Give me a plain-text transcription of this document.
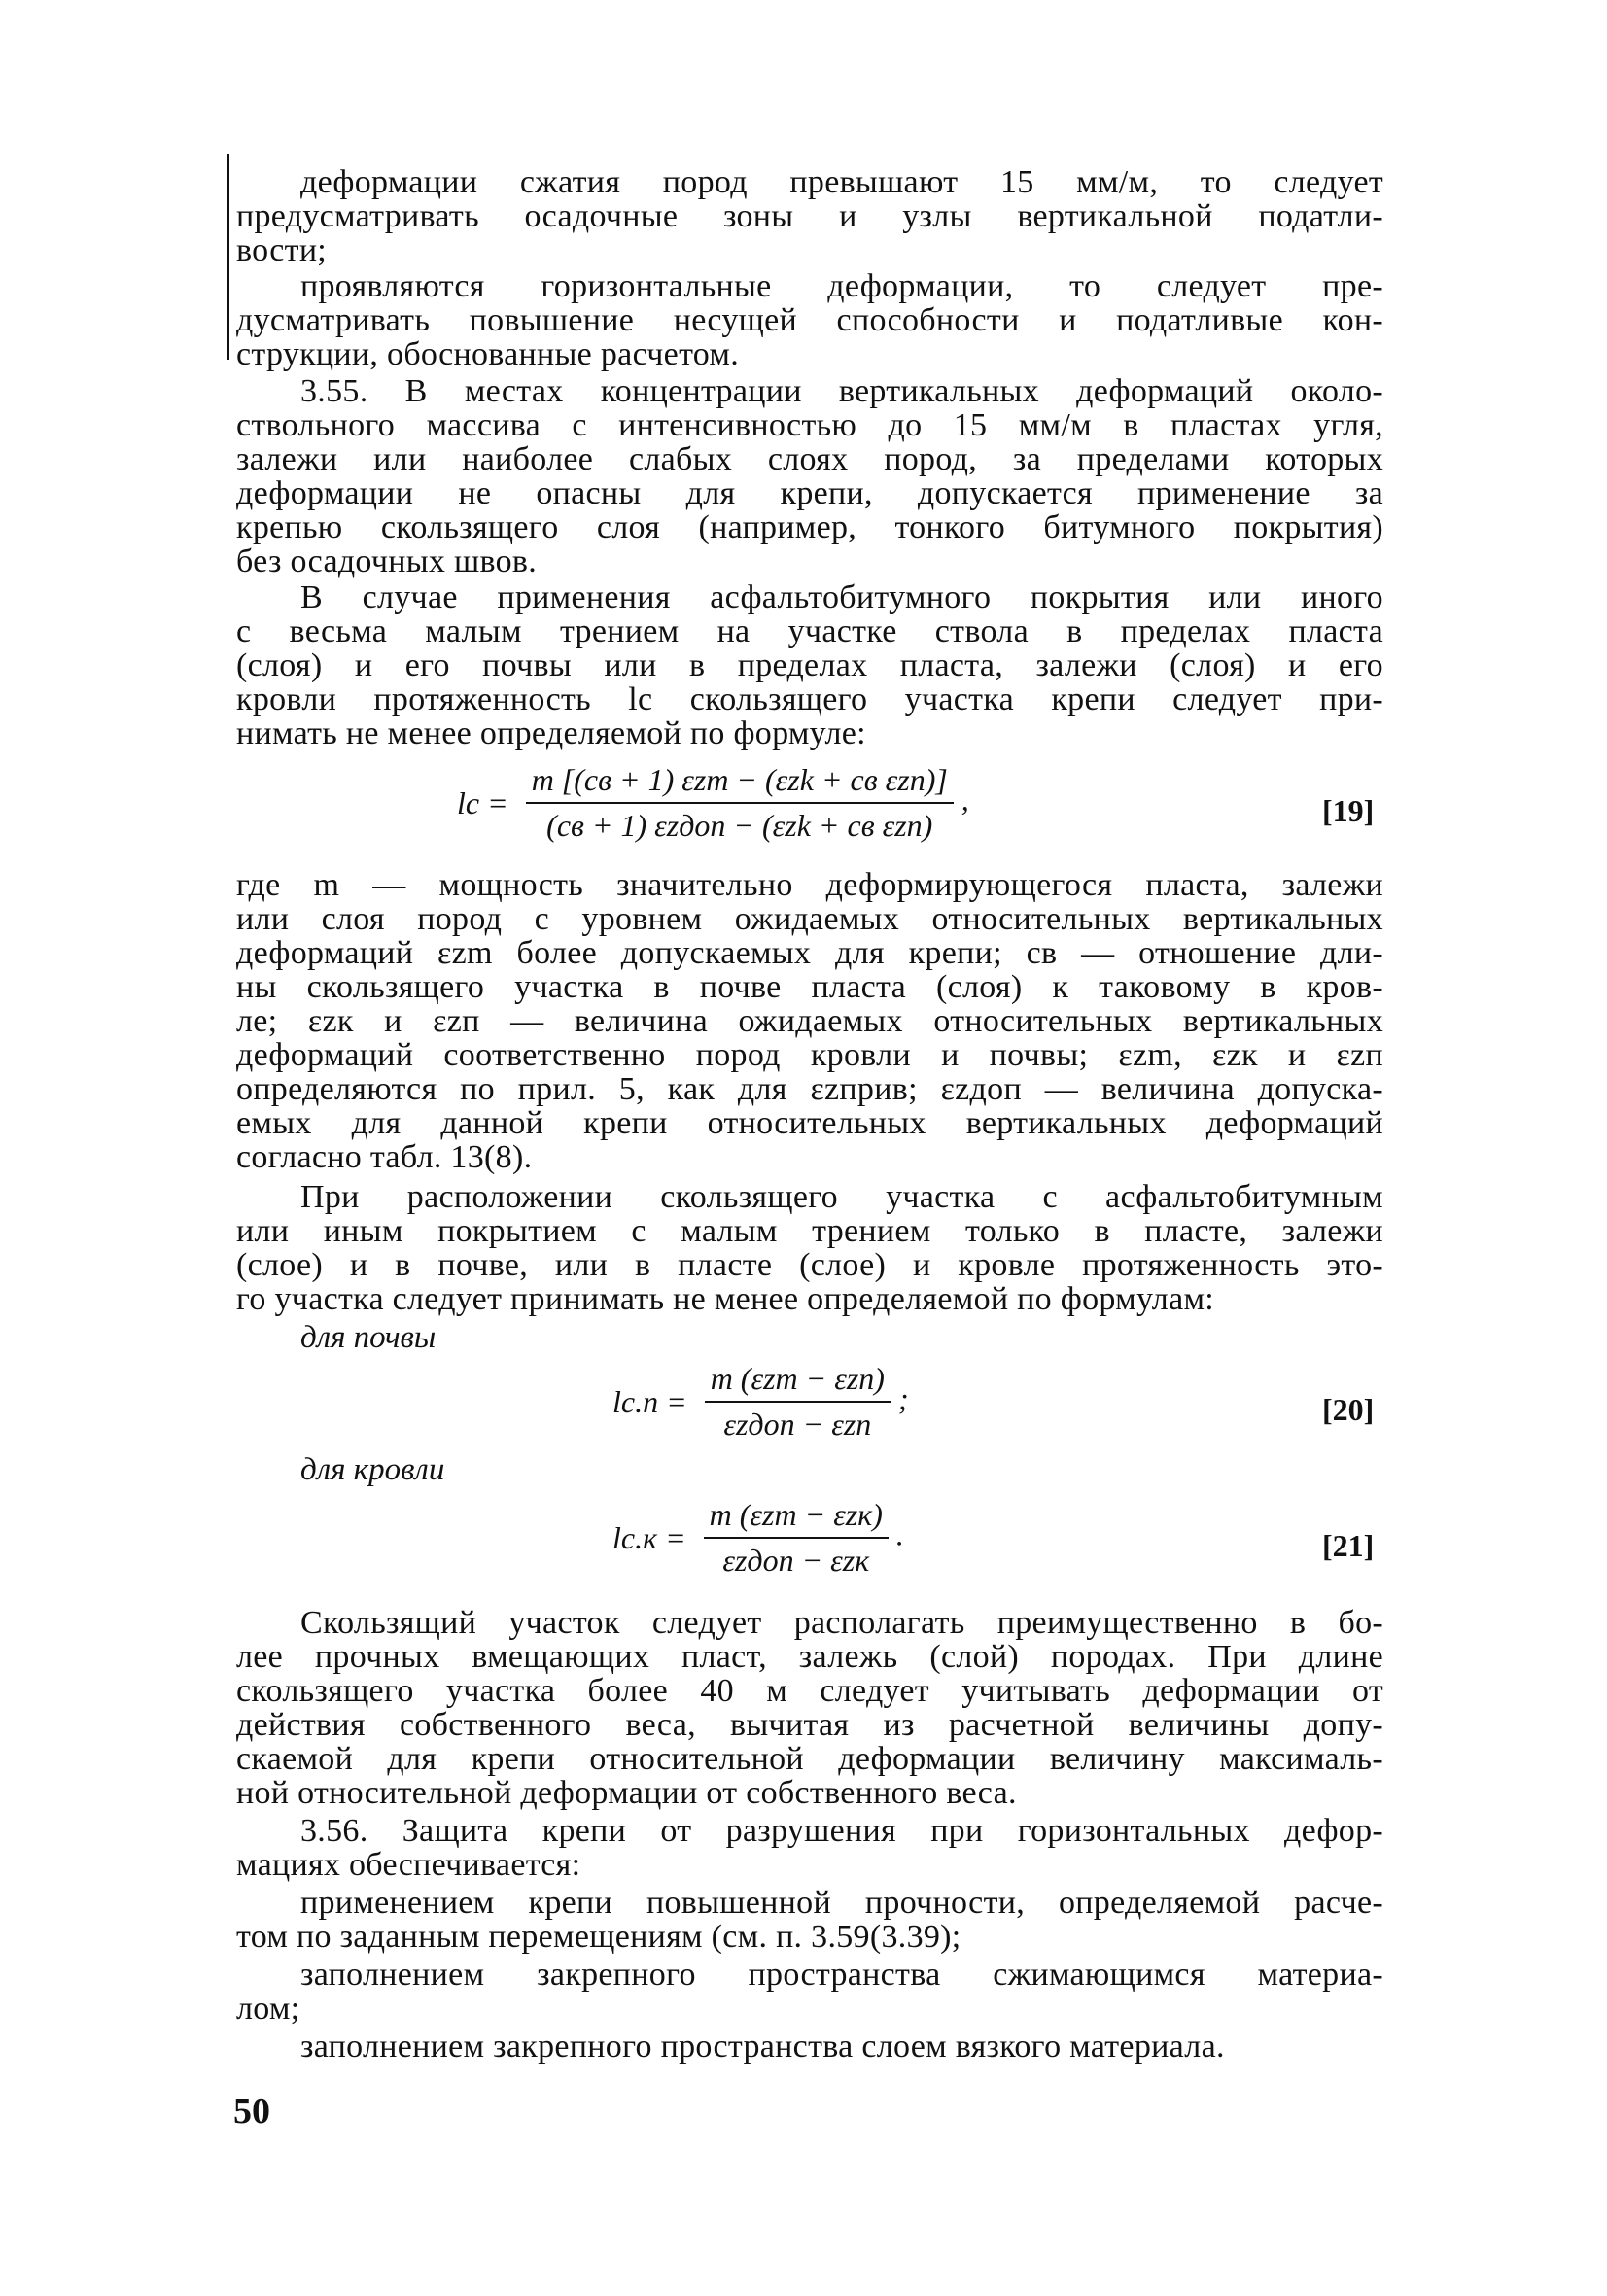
деформации сжатия пород превышают 15 мм/м, то следует
предусматривать осадочные зоны и узлы вертикальной податли-
вости;
проявляются горизонтальные деформации, то следует пре-
дусматривать повышение несущей способности и податливые кон-
струкции, обоснованные расчетом.
3.55. В местах концентрации вертикальных деформаций около-
ствольного массива с интенсивностью до 15 мм/м в пластах угля,
залежи или наиболее слабых слоях пород, за пределами которых
деформации не опасны для крепи, допускается применение за
крепью скользящего слоя (например, тонкого битумного покрытия)
без осадочных швов.
В случае применения асфальтобитумного покрытия или иного
с весьма малым трением на участке ствола в пределах пласта
(слоя) и его почвы или в пределах пласта, залежи (слоя) и его
кровли протяженность lc скользящего участка крепи следует при-
нимать не менее определяемой по формуле:
lc = $\frac{\text{m [(cв + 1) εzm − (εzk + cв εzп)]}}{\text{(cв + 1) εzдоп − (εzk + cв εzп)}}$ ,	[19]
где m — мощность значительно деформирующегося пласта, залежи
или слоя пород с уровнем ожидаемых относительных вертикальных
деформаций εzm более допускаемых для крепи; cв — отношение дли-
ны скользящего участка в почве пласта (слоя) к таковому в кров-
ле; εzк и εzп — величина ожидаемых относительных вертикальных
деформаций соответственно пород кровли и почвы; εzm, εzк и εzп
определяются по прил. 5, как для εzприв; εzдоп — величина допуска-
емых для данной крепи относительных вертикальных деформаций
согласно табл. 13(8).
При расположении скользящего участка с асфальтобитумным
или иным покрытием с малым трением только в пласте, залежи
(слое) и в почве, или в пласте (слое) и кровле протяженность это-
го участка следует принимать не менее определяемой по формулам:
для почвы
$lс.п = \frac{\text{m (εzm − εzп)}}{\text{εzдоп − εzп}}$ ;	[20]
для кровли
$lс.к = \frac{\text{m (εzm − εzк)}}{\text{εzдоп − εzк}}$ .	[21]
Скользящий участок следует располагать преимущественно в бо-
лее прочных вмещающих пласт, залежь (слой) породах. При длине
скользящего участка более 40 м следует учитывать деформации от
действия собственного веса, вычитая из расчетной величины допу-
скаемой для крепи относительной деформации величину максималь-
ной относительной деформации от собственного веса.
3.56. Защита крепи от разрушения при горизонтальных дефор-
мациях обеспечивается:
применением крепи повышенной прочности, определяемой расче-
том по заданным перемещениям (см. п. 3.59(3.39);
заполнением закрепного пространства сжимающимся материа-
лом;
заполнением закрепного пространства слоем вязкого материала.
50
